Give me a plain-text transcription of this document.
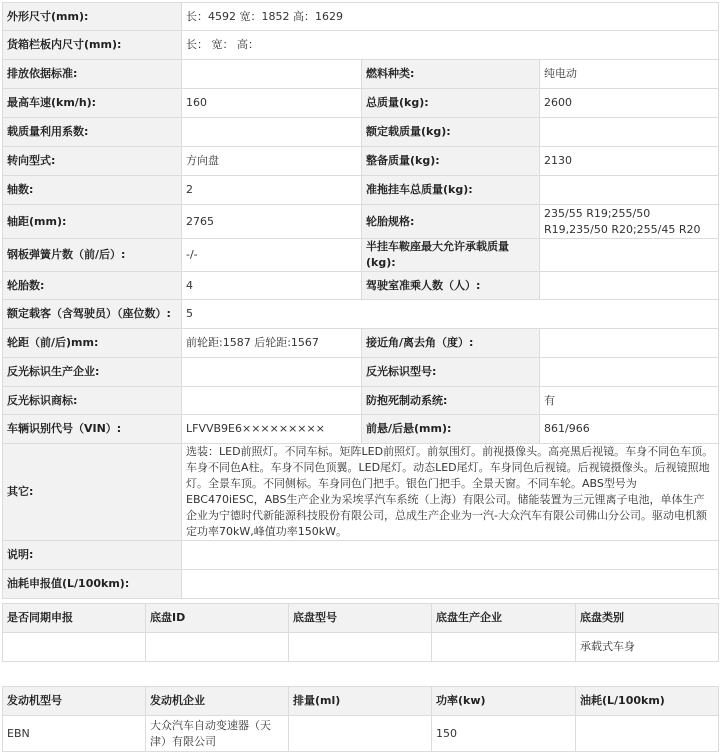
外形尺寸(mm):	长：4592 宽：1852 高：1629		
货箱栏板内尺寸(mm):	长： 宽： 高：		
排放依据标准:		燃料种类:	纯电动
最高车速(km/h):	160	总质量(kg):	2600
载质量利用系数:		额定载质量(kg):	
转向型式:	方向盘	整备质量(kg):	2130
轴数:	2	准拖挂车总质量(kg):	
轴距(mm):	2765	轮胎规格:	235/55 R19;255/50 R19,235/50 R20;255/45 R20
钢板弹簧片数（前/后）:	-/-	半挂车鞍座最大允许承载质量(kg):	
轮胎数:	4	驾驶室准乘人数（人）:	
额定载客（含驾驶员）（座位数）:	5		
轮距（前/后)mm:	前轮距:1587 后轮距:1567	接近角/离去角（度）:	
反光标识生产企业:		反光标识型号:	
反光标识商标:		防抱死制动系统:	有
车辆识别代号（VIN）:	LFVVB9E6×××××××××	前悬/后悬(mm):	861/966
其它:	选装：LED前照灯。不同车标。矩阵LED前照灯。前氛围灯。前视摄像头。高亮黑后视镜。车身不同色车顶。车身不同色A柱。车身不同色顶翼。LED尾灯。动态LED尾灯。车身同色后视镜。后视镜摄像头。后视镜照地灯。全景车顶。不同侧标。车身同色门把手。银色门把手。全景天窗。不同车轮。ABS型号为EBC470iESC，ABS生产企业为采埃孚汽车系统（上海）有限公司。储能装置为三元锂离子电池，单体生产企业为宁德时代新能源科技股份有限公司，总成生产企业为一汽-大众汽车有限公司佛山分公司。驱动电机额定功率70kW,峰值功率150kW。		
说明:			
油耗申报值(L/100km):			
是否同期申报	底盘ID	底盘型号	底盘生产企业	底盘类别
				承载式车身
发动机型号	发动机企业	排量(ml)	功率(kw)	油耗(L/100km)
EBN	大众汽车自动变速器（天津）有限公司		150	
